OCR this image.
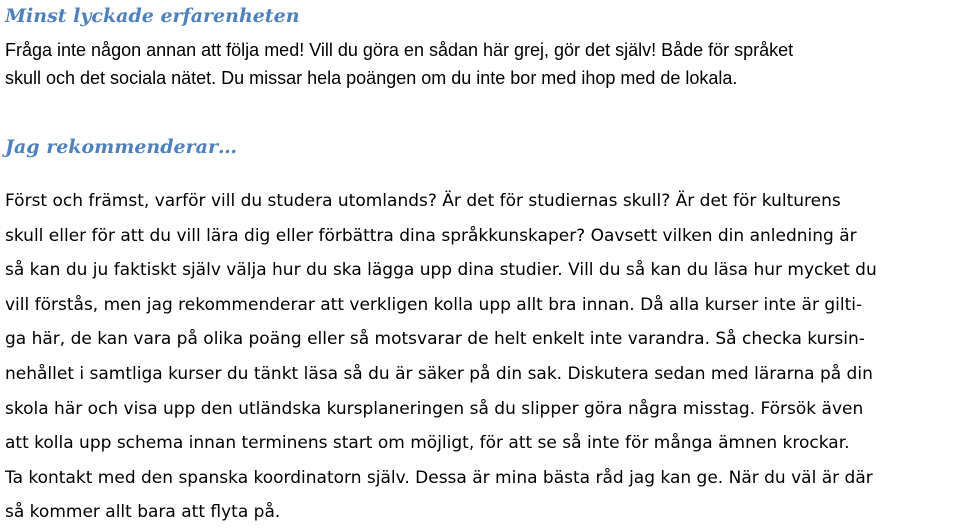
Minst lyckade erfarenheten

Fråga inte någon annan att följa med! Vill du göra en sådan här grej, gör det själv! Både för språket
skull och det sociala nätet. Du missar hela poängen om du inte bor med ihop med de lokala.

Jag rekommenderar…

Först och främst, varför vill du studera utomlands? Är det för studiernas skull? Är det för kulturens
skull eller för att du vill lära dig eller förbättra dina språkkunskaper? Oavsett vilken din anledning är
så kan du ju faktiskt själv välja hur du ska lägga upp dina studier. Vill du så kan du läsa hur mycket du
vill förstås, men jag rekommenderar att verkligen kolla upp allt bra innan. Då alla kurser inte är gilti-
ga här, de kan vara på olika poäng eller så motsvarar de helt enkelt inte varandra. Så checka kursin-
nehållet i samtliga kurser du tänkt läsa så du är säker på din sak. Diskutera sedan med lärarna på din
skola här och visa upp den utländska kursplaneringen så du slipper göra några misstag. Försök även
att kolla upp schema innan terminens start om möjligt, för att se så inte för många ämnen krockar.
Ta kontakt med den spanska koordinatorn själv. Dessa är mina bästa råd jag kan ge. När du väl är där
så kommer allt bara att flyta på.
